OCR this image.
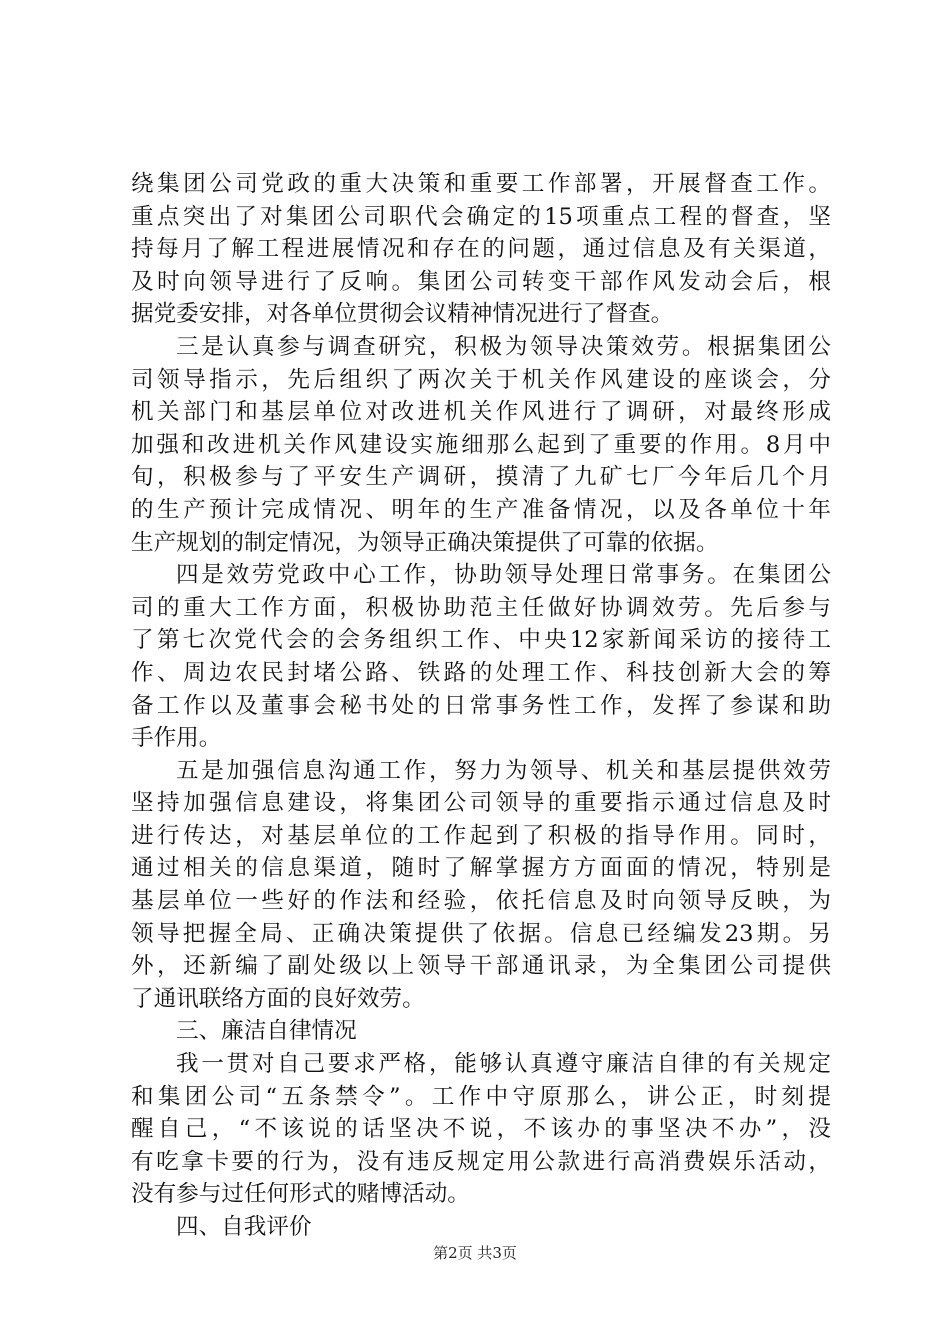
绕集团公司党政的重大决策和重要工作部署，开展督查工作。
重点突出了对集团公司职代会确定的15项重点工程的督查，坚
持每月了解工程进展情况和存在的问题，通过信息及有关渠道，
及时向领导进行了反响。集团公司转变干部作风发动会后，根
据党委安排，对各单位贯彻会议精神情况进行了督查。
三是认真参与调查研究，积极为领导决策效劳。根据集团公
司领导指示，先后组织了两次关于机关作风建设的座谈会，分
机关部门和基层单位对改进机关作风进行了调研，对最终形成
加强和改进机关作风建设实施细那么起到了重要的作用。8月中
旬，积极参与了平安生产调研，摸清了九矿七厂今年后几个月
的生产预计完成情况、明年的生产准备情况，以及各单位十年
生产规划的制定情况，为领导正确决策提供了可靠的依据。
四是效劳党政中心工作，协助领导处理日常事务。在集团公
司的重大工作方面，积极协助范主任做好协调效劳。先后参与
了第七次党代会的会务组织工作、中央12家新闻采访的接待工
作、周边农民封堵公路、铁路的处理工作、科技创新大会的筹
备工作以及董事会秘书处的日常事务性工作，发挥了参谋和助
手作用。
五是加强信息沟通工作，努力为领导、机关和基层提供效劳
坚持加强信息建设，将集团公司领导的重要指示通过信息及时
进行传达，对基层单位的工作起到了积极的指导作用。同时，
通过相关的信息渠道，随时了解掌握方方面面的情况，特别是
基层单位一些好的作法和经验，依托信息及时向领导反映，为
领导把握全局、正确决策提供了依据。信息已经编发23期。另
外，还新编了副处级以上领导干部通讯录，为全集团公司提供
了通讯联络方面的良好效劳。
三、廉洁自律情况
我一贯对自己要求严格，能够认真遵守廉洁自律的有关规定
和集团公司“五条禁令”。工作中守原那么，讲公正，时刻提
醒自己，“不该说的话坚决不说，不该办的事坚决不办”，没
有吃拿卡要的行为，没有违反规定用公款进行高消费娱乐活动，
没有参与过任何形式的赌博活动。
四、自我评价
第2页 共3页
